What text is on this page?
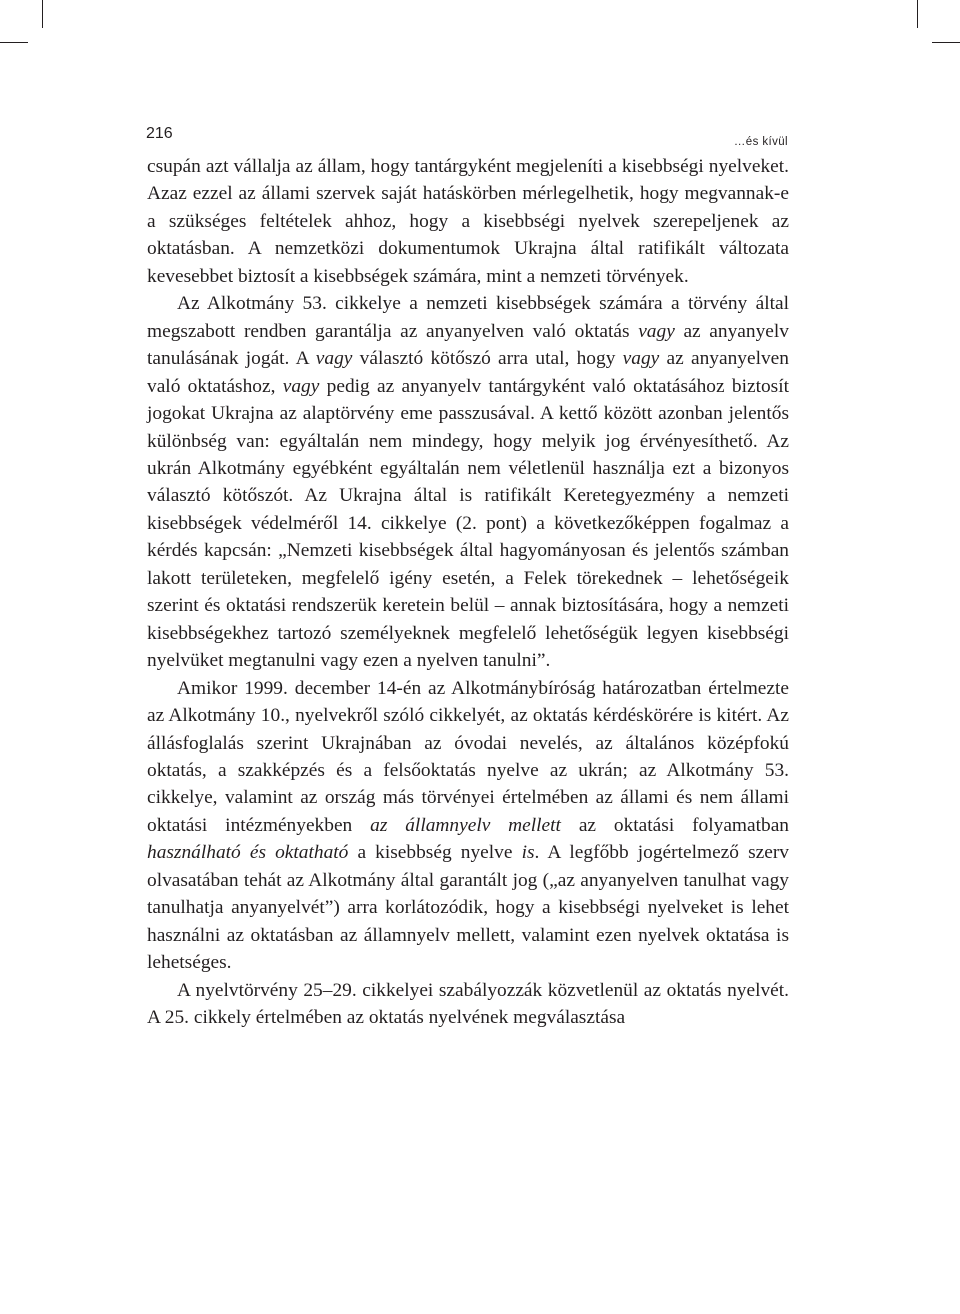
216	…és kívül

csupán azt vállalja az állam, hogy tantárgyként megjeleníti a kisebbségi nyelveket. Azaz ezzel az állami szervek saját hatáskörben mérlegelhetik, hogy megvannak-e a szükséges feltételek ahhoz, hogy a kisebbségi nyelvek szerepeljenek az oktatásban. A nemzetközi dokumentumok Ukrajna által ratifikált változata kevesebbet biztosít a kisebbségek számára, mint a nemzeti törvények.

Az Alkotmány 53. cikkelye a nemzeti kisebbségek számára a törvény által megszabott rendben garantálja az anyanyelven való oktatás vagy az anyanyelv tanulásának jogát. A vagy választó kötőszó arra utal, hogy vagy az anyanyelven való oktatáshoz, vagy pedig az anyanyelv tantárgyként való oktatásához biztosít jogokat Ukrajna az alaptörvény eme passzusával. A kettő között azonban jelentős különbség van: egyáltalán nem mindegy, hogy melyik jog érvényesíthető. Az ukrán Alkotmány egyébként egyáltalán nem véletlenül használja ezt a bizonyos választó kötőszót. Az Ukrajna által is ratifikált Keretegyezmény a nemzeti kisebbségek védelméről 14. cikkelye (2. pont) a következőképpen fogalmaz a kérdés kapcsán: „Nemzeti kisebbségek által hagyományosan és jelentős számban lakott területeken, megfelelő igény esetén, a Felek törekednek – lehetőségeik szerint és oktatási rendszerük keretein belül – annak biztosítására, hogy a nemzeti kisebbségekhez tartozó személyeknek megfelelő lehetőségük legyen kisebbségi nyelvüket megtanulni vagy ezen a nyelven tanulni”.

Amikor 1999. december 14-én az Alkotmánybíróság határozatban értelmezte az Alkotmány 10., nyelvekről szóló cikkelyét, az oktatás kérdéskörére is kitért. Az állásfoglalás szerint Ukrajnában az óvodai nevelés, az általános középfokú oktatás, a szakképzés és a felsőoktatás nyelve az ukrán; az Alkotmány 53. cikkelye, valamint az ország más törvényei értelmében az állami és nem állami oktatási intézményekben az államnyelv mellett az oktatási folyamatban használható és oktatható a kisebbség nyelve is. A legfőbb jogértelmező szerv olvasatában tehát az Alkotmány által garantált jog („az anyanyelven tanulhat vagy tanulhatja anyanyelvét”) arra korlátozódik, hogy a kisebbségi nyelveket is lehet használni az oktatásban az államnyelv mellett, valamint ezen nyelvek oktatása is lehetséges.

A nyelvtörvény 25–29. cikkelyei szabályozzák közvetlenül az oktatás nyelvét. A 25. cikkely értelmében az oktatás nyelvének megválasztása
